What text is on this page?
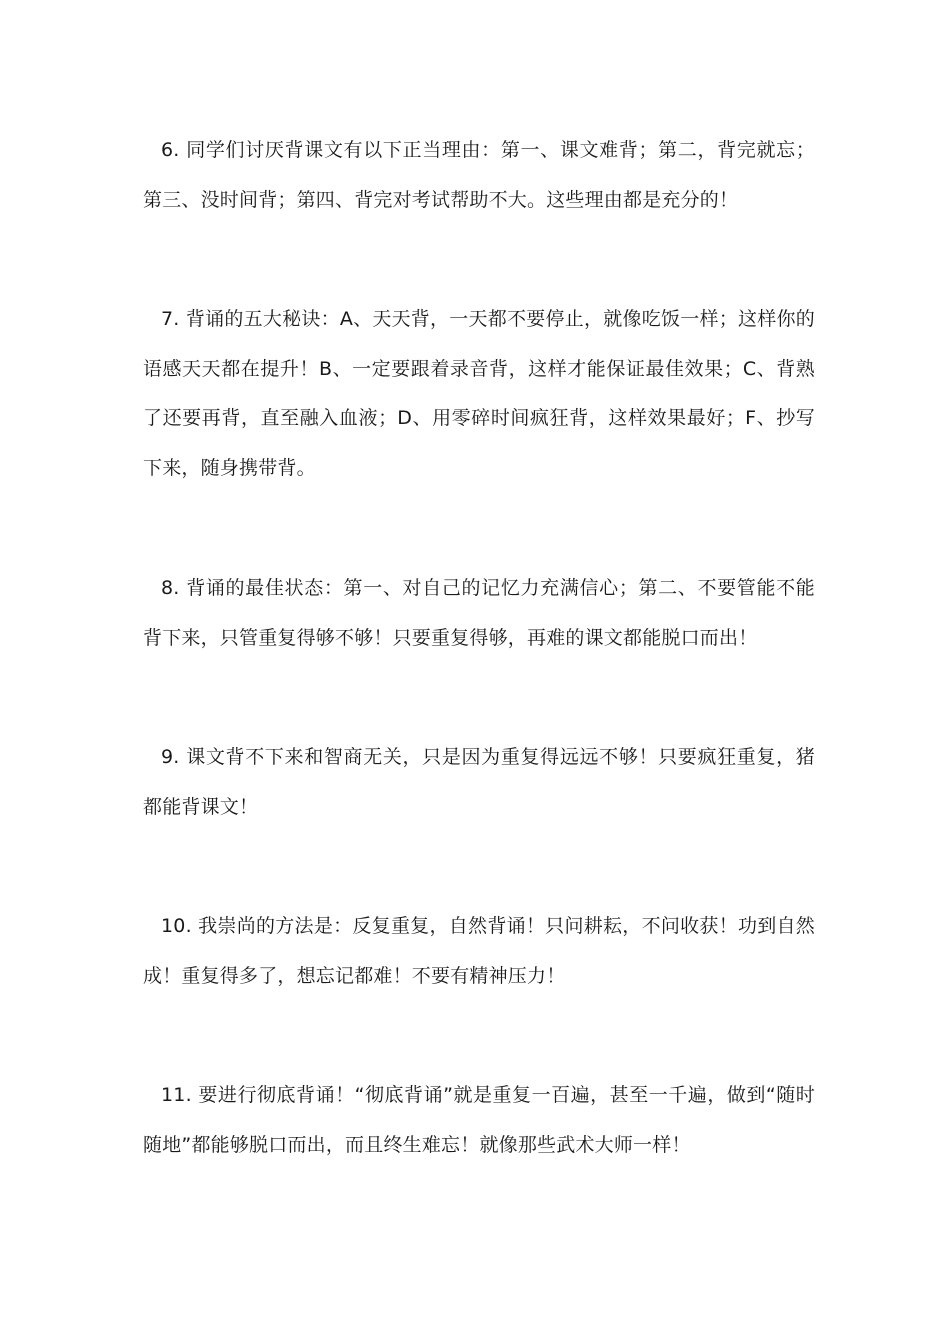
6. 同学们讨厌背课文有以下正当理由：第一、课文难背；第二，背完就忘；第三、没时间背；第四、背完对考试帮助不大。这些理由都是充分的！

7. 背诵的五大秘诀：A、天天背，一天都不要停止，就像吃饭一样；这样你的语感天天都在提升！B、一定要跟着录音背，这样才能保证最佳效果；C、背熟了还要再背，直至融入血液；D、用零碎时间疯狂背，这样效果最好；F、抄写下来，随身携带背。

8. 背诵的最佳状态：第一、对自己的记忆力充满信心；第二、不要管能不能背下来，只管重复得够不够！只要重复得够，再难的课文都能脱口而出！

9. 课文背不下来和智商无关，只是因为重复得远远不够！只要疯狂重复，猪都能背课文！

10. 我崇尚的方法是：反复重复，自然背诵！只问耕耘，不问收获！功到自然成！重复得多了，想忘记都难！不要有精神压力！

11. 要进行彻底背诵！“彻底背诵”就是重复一百遍，甚至一千遍，做到“随时随地”都能够脱口而出，而且终生难忘！就像那些武术大师一样！
